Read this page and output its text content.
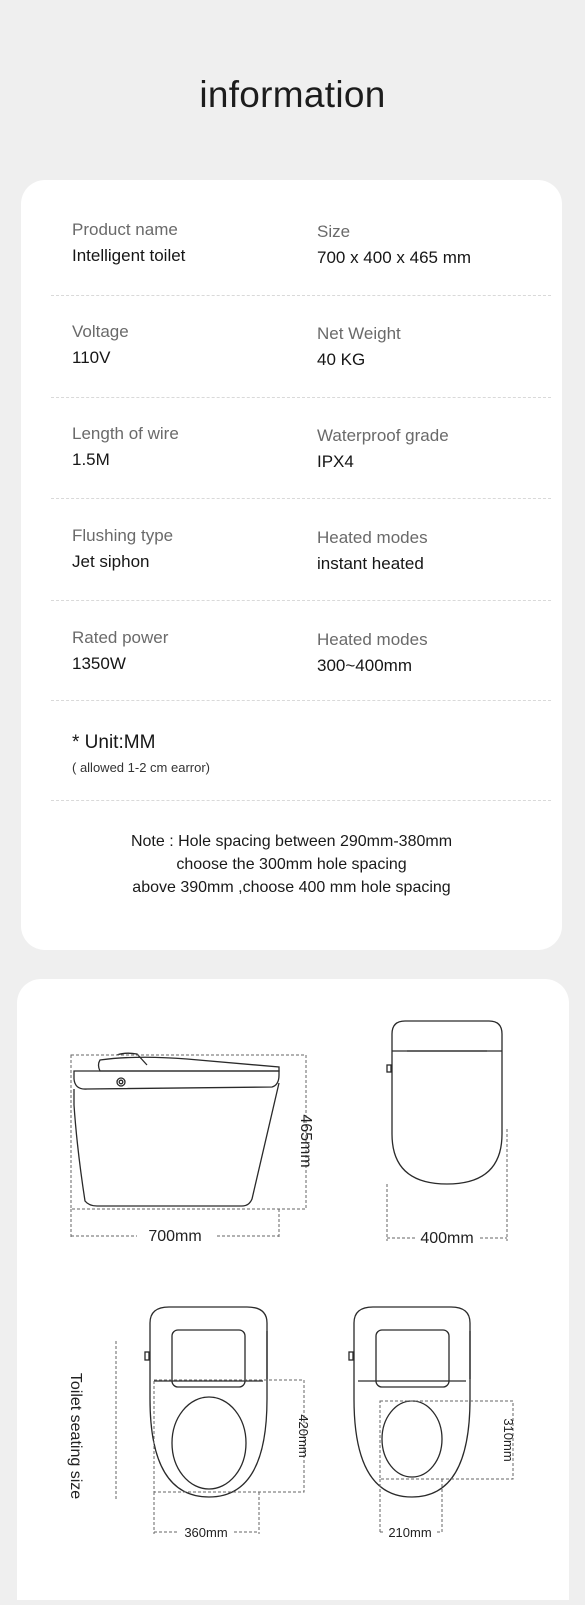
information
Product name
Intelligent toilet
Size
700 x 400 x 465 mm
Voltage
110V
Net Weight
40 KG
Length of wire
1.5M
Waterproof grade
IPX4
Flushing type
Jet siphon
Heated modes
instant heated
Rated power
1350W
Heated modes
300~400mm
* Unit:MM
( allowed 1-2 cm earror)
Note : Hole spacing between 290mm-380mm
choose the 300mm hole spacing
above 390mm ,choose 400 mm hole spacing
700mm
465mm
400mm
Toilet seating size
360mm
420mm
210mm
310mm
